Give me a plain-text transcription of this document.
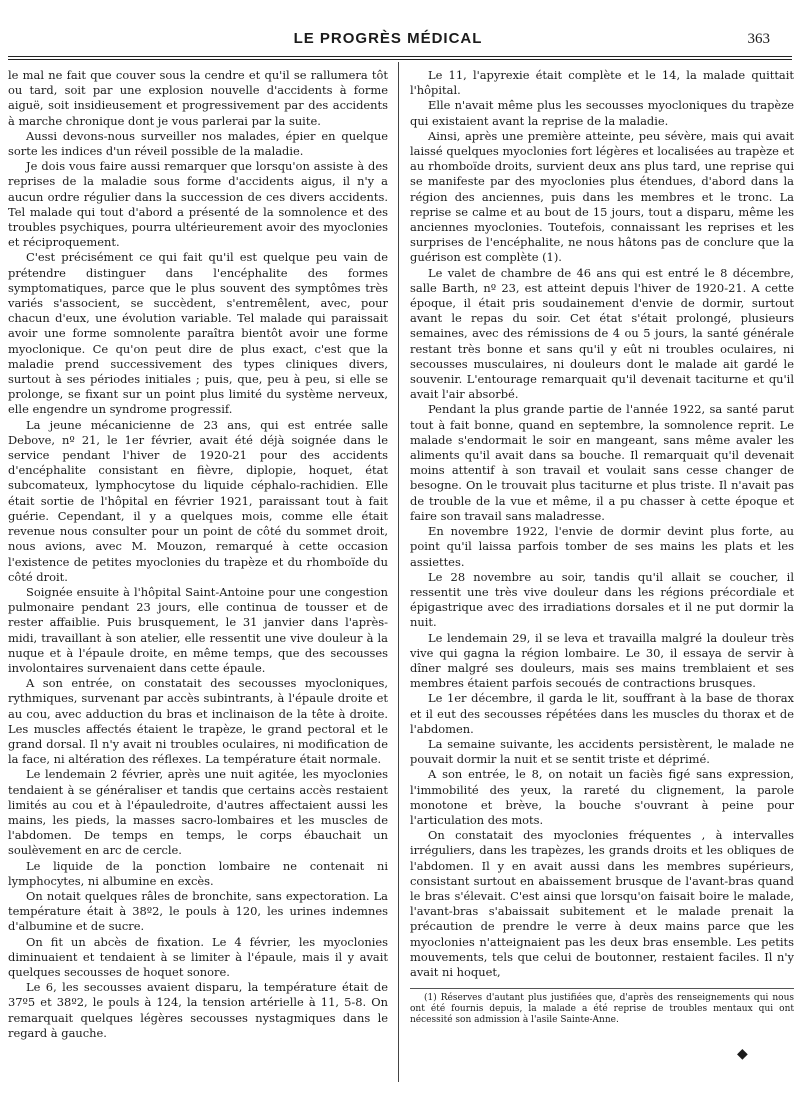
LE PROGRÈS MÉDICAL	363

le mal ne fait que couver sous la cendre et qu'il se rallumera tôt ou tard, soit par une explosion nouvelle d'accidents à forme aiguë, soit insidieusement et progressivement par des accidents à marche chronique dont je vous parlerai par la suite.

Aussi devons-nous surveiller nos malades, épier en quelque sorte les indices d'un réveil possible de la maladie.

Je dois vous faire aussi remarquer que lorsqu'on assiste à des reprises de la maladie sous forme d'accidents aigus, il n'y a aucun ordre régulier dans la succession de ces divers accidents. Tel malade qui tout d'abord a présenté de la somnolence et des troubles psychiques, pourra ultérieurement avoir des myoclonies et réciproquement.

C'est précisément ce qui fait qu'il est quelque peu vain de prétendre distinguer dans l'encéphalite des formes symptomatiques, parce que le plus souvent des symptômes très variés s'associent, se succèdent, s'entremêlent, avec, pour chacun d'eux, une évolution variable. Tel malade qui paraissait avoir une forme somnolente paraîtra bientôt avoir une forme myoclonique. Ce qu'on peut dire de plus exact, c'est que la maladie prend successivement des types cliniques divers, surtout à ses périodes initiales ; puis, que, peu à peu, si elle se prolonge, se fixant sur un point plus limité du système nerveux, elle engendre un syndrome progressif.

La jeune mécanicienne de 23 ans, qui est entrée salle Debove, nº 21, le 1er février, avait été déjà soignée dans le service pendant l'hiver de 1920-21 pour des accidents d'encéphalite consistant en fièvre, diplopie, hoquet, état subcomateux, lymphocytose du liquide céphalo-rachidien. Elle était sortie de l'hôpital en février 1921, paraissant tout à fait guérie. Cependant, il y a quelques mois, comme elle était revenue nous consulter pour un point de côté du sommet droit, nous avions, avec M. Mouzon, remarqué à cette occasion l'existence de petites myoclonies du trapèze et du rhomboïde du côté droit.

Soignée ensuite à l'hôpital Saint-Antoine pour une congestion pulmonaire pendant 23 jours, elle continua de tousser et de rester affaiblie. Puis brusquement, le 31 janvier dans l'après-midi, travaillant à son atelier, elle ressentit une vive douleur à la nuque et à l'épaule droite, en même temps, que des secousses involontaires survenaient dans cette épaule.

A son entrée, on constatait des secousses myocloniques, rythmiques, survenant par accès subintrants, à l'épaule droite et au cou, avec adduction du bras et inclinaison de la tête à droite. Les muscles affectés étaient le trapèze, le grand pectoral et le grand dorsal. Il n'y avait ni troubles oculaires, ni modification de la face, ni altération des réflexes. La température était normale.

Le lendemain 2 février, après une nuit agitée, les myoclonies tendaient à se généraliser et tandis que certains accès restaient limités au cou et à l'épauledroite, d'autres affectaient aussi les mains, les pieds, la masses sacro-lombaires et les muscles de l'abdomen. De temps en temps, le corps ébauchait un soulèvement en arc de cercle.

Le liquide de la ponction lombaire ne contenait ni lymphocytes, ni albumine en excès.

On notait quelques râles de bronchite, sans expectoration. La température était à 38º2, le pouls à 120, les urines indemnes d'albumine et de sucre.

On fit un abcès de fixation. Le 4 février, les myoclonies diminuaient et tendaient à se limiter à l'épaule, mais il y avait quelques secousses de hoquet sonore.

Le 6, les secousses avaient disparu, la température était de 37º5 et 38º2, le pouls à 124, la tension artérielle à 11, 5-8. On remarquait quelques légères secousses nystagmiques dans le regard à gauche.

Le 11, l'apyrexie était complète et le 14, la malade quittait l'hôpital.

Elle n'avait même plus les secousses myocloniques du trapèze qui existaient avant la reprise de la maladie.

Ainsi, après une première atteinte, peu sévère, mais qui avait laissé quelques myoclonies fort légères et localisées au trapèze et au rhomboïde droits, survient deux ans plus tard, une reprise qui se manifeste par des myoclonies plus étendues, d'abord dans la région des anciennes, puis dans les membres et le tronc. La reprise se calme et au bout de 15 jours, tout a disparu, même les anciennes myoclonies. Toutefois, connaissant les reprises et les surprises de l'encéphalite, ne nous hâtons pas de conclure que la guérison est complète (1).

Le valet de chambre de 46 ans qui est entré le 8 décembre, salle Barth, nº 23, est atteint depuis l'hiver de 1920-21. A cette époque, il était pris soudainement d'envie de dormir, surtout avant le repas du soir. Cet état s'était prolongé, plusieurs semaines, avec des rémissions de 4 ou 5 jours, la santé générale restant très bonne et sans qu'il y eût ni troubles oculaires, ni secousses musculaires, ni douleurs dont le malade ait gardé le souvenir. L'entourage remarquait qu'il devenait taciturne et qu'il avait l'air absorbé.

Pendant la plus grande partie de l'année 1922, sa santé parut tout à fait bonne, quand en septembre, la somnolence reprit. Le malade s'endormait le soir en mangeant, sans même avaler les aliments qu'il avait dans sa bouche. Il remarquait qu'il devenait moins attentif à son travail et voulait sans cesse changer de besogne. On le trouvait plus taciturne et plus triste. Il n'avait pas de trouble de la vue et même, il a pu chasser à cette époque et faire son travail sans maladresse.

En novembre 1922, l'envie de dormir devint plus forte, au point qu'il laissa parfois tomber de ses mains les plats et les assiettes.

Le 28 novembre au soir, tandis qu'il allait se coucher, il ressentit une très vive douleur dans les régions précordiale et épigastrique avec des irradiations dorsales et il ne put dormir la nuit.

Le lendemain 29, il se leva et travailla malgré la douleur très vive qui gagna la région lombaire. Le 30, il essaya de servir à dîner malgré ses douleurs, mais ses mains tremblaient et ses membres étaient parfois secoués de contractions brusques.

Le 1er décembre, il garda le lit, souffrant à la base de thorax et il eut des secousses répétées dans les muscles du thorax et de l'abdomen.

La semaine suivante, les accidents persistèrent, le malade ne pouvait dormir la nuit et se sentit triste et déprimé.

A son entrée, le 8, on notait un faciès figé sans expression, l'immobilité des yeux, la rareté du clignement, la parole monotone et brève, la bouche s'ouvrant à peine pour l'articulation des mots.

On constatait des myoclonies fréquentes , à intervalles irréguliers, dans les trapèzes, les grands droits et les obliques de l'abdomen. Il y en avait aussi dans les membres supérieurs, consistant surtout en abaissement brusque de l'avant-bras quand le bras s'élevait. C'est ainsi que lorsqu'on faisait boire le malade, l'avant-bras s'abaissait subitement et le malade prenait la précaution de prendre le verre à deux mains parce que les myoclonies n'atteignaient pas les deux bras ensemble. Les petits mouvements, tels que celui de boutonner, restaient faciles. Il n'y avait ni hoquet,

(1) Réserves d'autant plus justifiées que, d'après des renseignements qui nous ont été fournis depuis, la malade a été reprise de troubles mentaux qui ont nécessité son admission à l'asile Sainte-Anne.

◆
